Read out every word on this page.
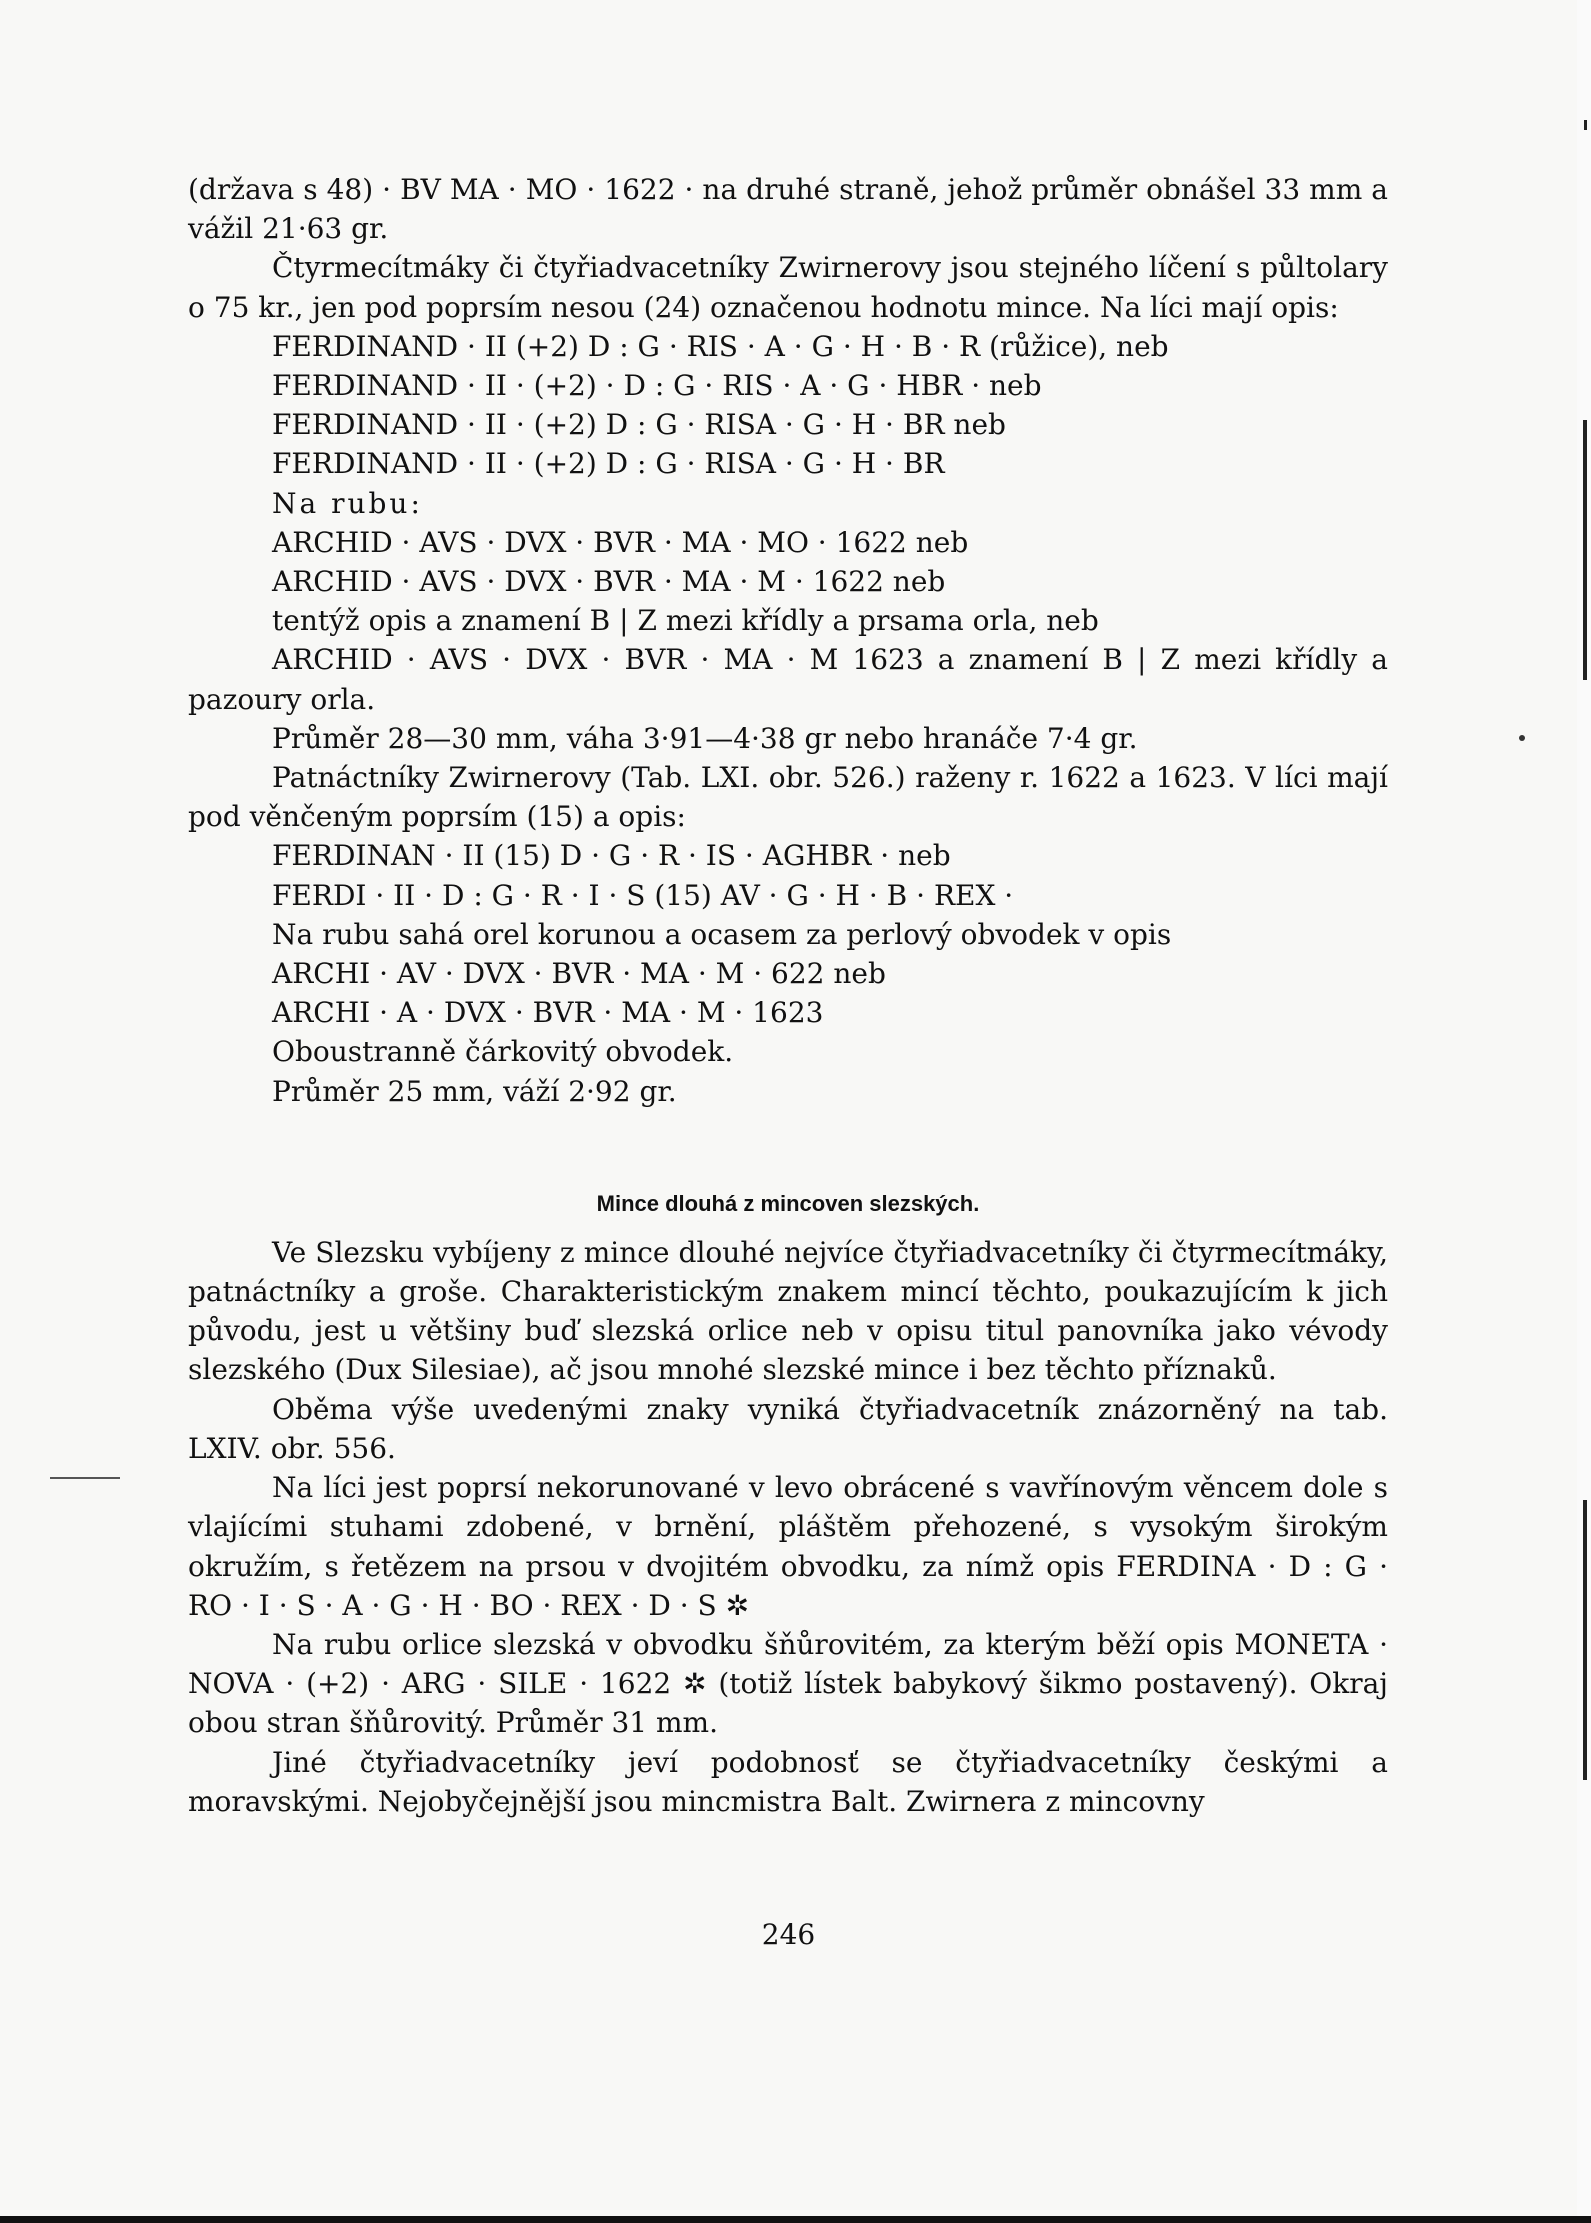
(država s 48) · BV MA · MO · 1622 · na druhé straně, jehož průměr obnášel 33 mm a vážil 21·63 gr.

Čtyrmecítmáky či čtyřiadvacetníky Zwirnerovy jsou stejného líčení s půltolary o 75 kr., jen pod poprsím nesou (24) označenou hodnotu mince. Na líci mají opis:

FERDINAND · II (+2) D : G · RIS · A · G · H · B · R (růžice), neb

FERDINAND · II · (+2) · D : G · RIS · A · G · HBR · neb

FERDINAND · II · (+2) D : G · RISA · G · H · BR neb

FERDINAND · II · (+2) D : G · RISA · G · H · BR

Na rubu:

ARCHID · AVS · DVX · BVR · MA · MO · 1622 neb

ARCHID · AVS · DVX · BVR · MA · M · 1622 neb

tentýž opis a znamení B | Z mezi křídly a prsama orla, neb

ARCHID · AVS · DVX · BVR · MA · M 1623 a znamení B | Z mezi křídly a pazoury orla.

Průměr 28—30 mm, váha 3·91—4·38 gr nebo hranáče 7·4 gr.

Patnáctníky Zwirnerovy (Tab. LXI. obr. 526.) raženy r. 1622 a 1623. V líci mají pod věnčeným poprsím (15) a opis:

FERDINAN · II (15) D · G · R · IS · AGHBR · neb

FERDI · II · D : G · R · I · S (15) AV · G · H · B · REX ·

Na rubu sahá orel korunou a ocasem za perlový obvodek v opis

ARCHI · AV · DVX · BVR · MA · M · 622 neb

ARCHI · A · DVX · BVR · MA · M · 1623

Oboustranně čárkovitý obvodek.

Průměr 25 mm, váží 2·92 gr.

Mince dlouhá z mincoven slezských.

Ve Slezsku vybíjeny z mince dlouhé nejvíce čtyřiadvacetníky či čtyrmecítmáky, patnáctníky a groše. Charakteristickým znakem mincí těchto, poukazujícím k jich původu, jest u většiny buď slezská orlice neb v opisu titul panovníka jako vévody slezského (Dux Silesiae), ač jsou mnohé slezské mince i bez těchto příznaků.

Oběma výše uvedenými znaky vyniká čtyřiadvacetník znázorněný na tab. LXIV. obr. 556.

Na líci jest poprsí nekorunované v levo obrácené s vavřínovým věncem dole s vlajícími stuhami zdobené, v brnění, pláštěm přehozené, s vysokým širokým okružím, s řetězem na prsou v dvojitém obvodku, za nímž opis FERDINA · D : G · RO · I · S · A · G · H · BO · REX · D · S ✲

Na rubu orlice slezská v obvodku šňůrovitém, za kterým běží opis MONETA · NOVA · (+2) · ARG · SILE · 1622 ✲ (totiž lístek babykový šikmo postavený). Okraj obou stran šňůrovitý. Průměr 31 mm.

Jiné čtyřiadvacetníky jeví podobnosť se čtyřiadvacetníky českými a moravskými. Nejobyčejnější jsou mincmistra Balt. Zwirnera z mincovny

246
